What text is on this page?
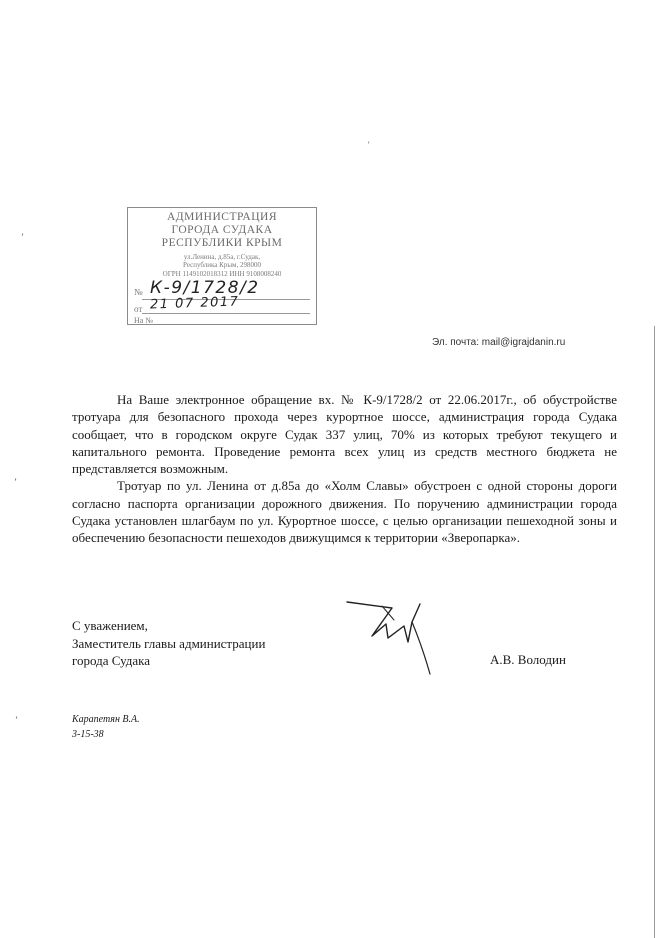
АДМИНИСТРАЦИЯ
ГОРОДА СУДАКА
РЕСПУБЛИКИ КРЫМ
ул.Ленина, д.85а, г.Судак,
Республика Крым, 298000
ОГРН 1149102018312 ИНН 9108008240
№
от
На №
К-9/1728/2
21 07 2017
Эл. почта: mail@igrajdanin.ru

На Ваше электронное обращение вх. № К-9/1728/2 от 22.06.2017г., об обустройстве тротуара для безопасного прохода через курортное шоссе, администрация города Судака сообщает, что в городском округе Судак 337 улиц, 70% из которых требуют текущего и капитального ремонта. Проведение ремонта всех улиц из средств местного бюджета не представляется возможным.

Тротуар по ул. Ленина от д.85а до «Холм Славы» обустроен с одной стороны дороги согласно паспорта организации дорожного движения. По поручению администрации города Судака установлен шлагбаум по ул. Курортное шоссе, с целью организации пешеходной зоны и обеспечению безопасности пешеходов движущимся к территории «Зверопарка».

С уважением,
Заместитель главы администрации
города Судака	А.В. Володин
Карапетян В.А.
3-15-38
ʼ
ʼ
ʼ
'
